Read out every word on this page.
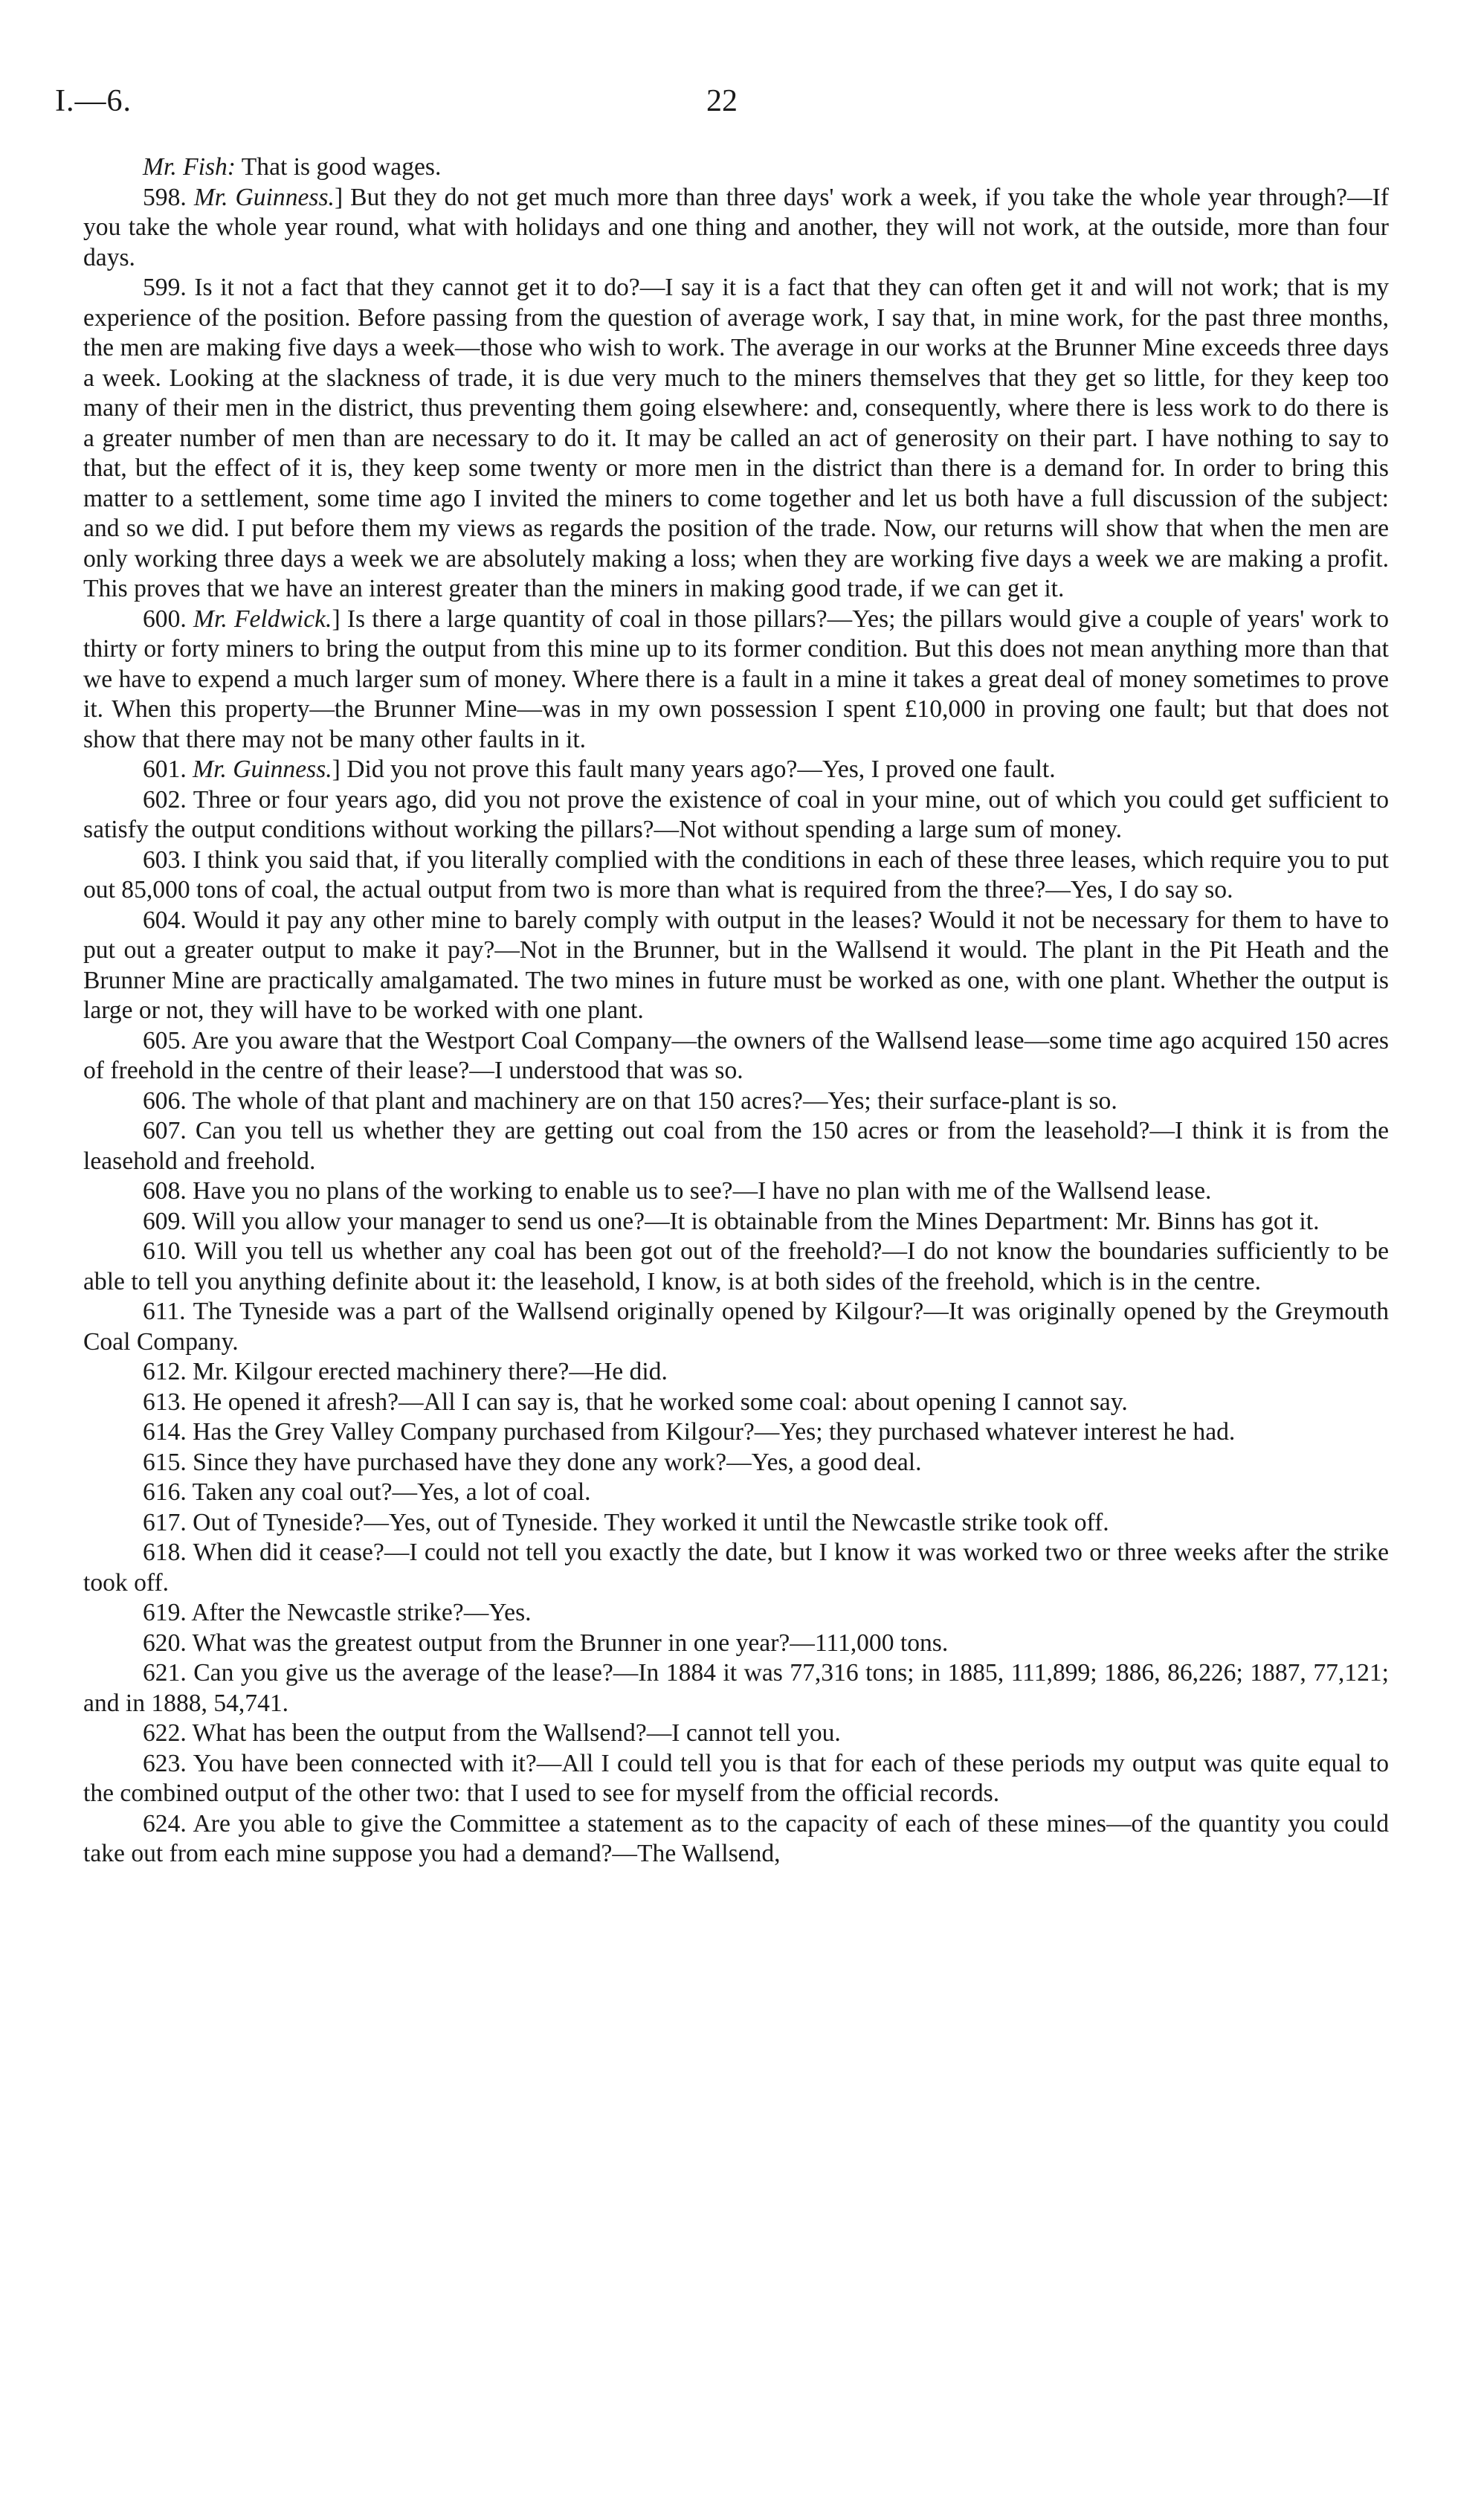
I.—6.	22

Mr. Fish: That is good wages.

598. Mr. Guinness.] But they do not get much more than three days' work a week, if you take the whole year through?—If you take the whole year round, what with holidays and one thing and another, they will not work, at the outside, more than four days.

599. Is it not a fact that they cannot get it to do?—I say it is a fact that they can often get it and will not work; that is my experience of the position. Before passing from the question of average work, I say that, in mine work, for the past three months, the men are making five days a week—those who wish to work. The average in our works at the Brunner Mine exceeds three days a week. Looking at the slackness of trade, it is due very much to the miners themselves that they get so little, for they keep too many of their men in the district, thus preventing them going elsewhere: and, consequently, where there is less work to do there is a greater number of men than are necessary to do it. It may be called an act of generosity on their part. I have nothing to say to that, but the effect of it is, they keep some twenty or more men in the district than there is a demand for. In order to bring this matter to a settlement, some time ago I invited the miners to come together and let us both have a full discussion of the subject: and so we did. I put before them my views as regards the position of the trade. Now, our returns will show that when the men are only working three days a week we are absolutely making a loss; when they are working five days a week we are making a profit. This proves that we have an interest greater than the miners in making good trade, if we can get it.

600. Mr. Feldwick.] Is there a large quantity of coal in those pillars?—Yes; the pillars would give a couple of years' work to thirty or forty miners to bring the output from this mine up to its former condition. But this does not mean anything more than that we have to expend a much larger sum of money. Where there is a fault in a mine it takes a great deal of money sometimes to prove it. When this property—the Brunner Mine—was in my own possession I spent £10,000 in proving one fault; but that does not show that there may not be many other faults in it.

601. Mr. Guinness.] Did you not prove this fault many years ago?—Yes, I proved one fault.

602. Three or four years ago, did you not prove the existence of coal in your mine, out of which you could get sufficient to satisfy the output conditions without working the pillars?—Not without spending a large sum of money.

603. I think you said that, if you literally complied with the conditions in each of these three leases, which require you to put out 85,000 tons of coal, the actual output from two is more than what is required from the three?—Yes, I do say so.

604. Would it pay any other mine to barely comply with output in the leases? Would it not be necessary for them to have to put out a greater output to make it pay?—Not in the Brunner, but in the Wallsend it would. The plant in the Pit Heath and the Brunner Mine are practically amalgamated. The two mines in future must be worked as one, with one plant. Whether the output is large or not, they will have to be worked with one plant.

605. Are you aware that the Westport Coal Company—the owners of the Wallsend lease—some time ago acquired 150 acres of freehold in the centre of their lease?—I understood that was so.

606. The whole of that plant and machinery are on that 150 acres?—Yes; their surface-plant is so.

607. Can you tell us whether they are getting out coal from the 150 acres or from the leasehold?—I think it is from the leasehold and freehold.

608. Have you no plans of the working to enable us to see?—I have no plan with me of the Wallsend lease.

609. Will you allow your manager to send us one?—It is obtainable from the Mines Department: Mr. Binns has got it.

610. Will you tell us whether any coal has been got out of the freehold?—I do not know the boundaries sufficiently to be able to tell you anything definite about it: the leasehold, I know, is at both sides of the freehold, which is in the centre.

611. The Tyneside was a part of the Wallsend originally opened by Kilgour?—It was originally opened by the Greymouth Coal Company.

612. Mr. Kilgour erected machinery there?—He did.

613. He opened it afresh?—All I can say is, that he worked some coal: about opening I cannot say.

614. Has the Grey Valley Company purchased from Kilgour?—Yes; they purchased whatever interest he had.

615. Since they have purchased have they done any work?—Yes, a good deal.

616. Taken any coal out?—Yes, a lot of coal.

617. Out of Tyneside?—Yes, out of Tyneside. They worked it until the Newcastle strike took off.

618. When did it cease?—I could not tell you exactly the date, but I know it was worked two or three weeks after the strike took off.

619. After the Newcastle strike?—Yes.

620. What was the greatest output from the Brunner in one year?—111,000 tons.

621. Can you give us the average of the lease?—In 1884 it was 77,316 tons; in 1885, 111,899; 1886, 86,226; 1887, 77,121; and in 1888, 54,741.

622. What has been the output from the Wallsend?—I cannot tell you.

623. You have been connected with it?—All I could tell you is that for each of these periods my output was quite equal to the combined output of the other two: that I used to see for myself from the official records.

624. Are you able to give the Committee a statement as to the capacity of each of these mines—of the quantity you could take out from each mine suppose you had a demand?—The Wallsend,
